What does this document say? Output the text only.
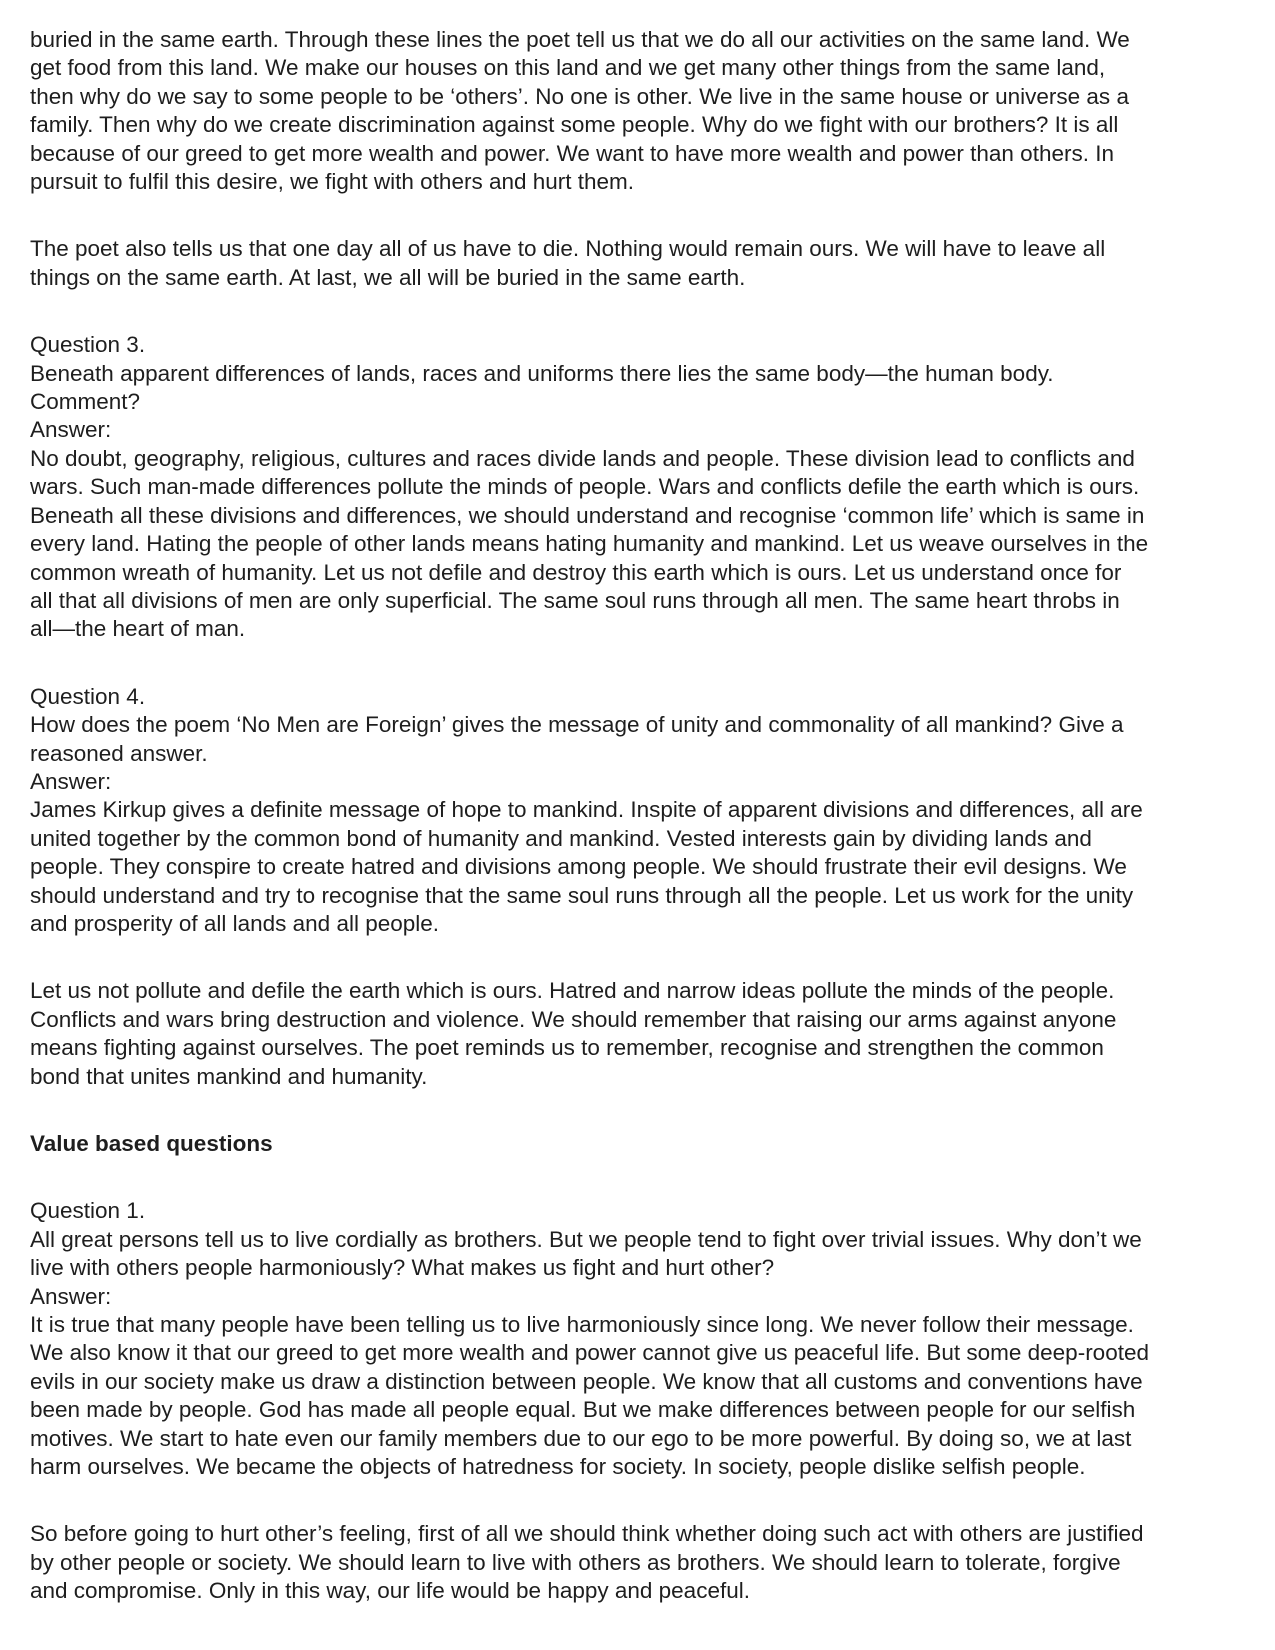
buried in the same earth. Through these lines the poet tell us that we do all our activities on the same land. We
get food from this land. We make our houses on this land and we get many other things from the same land,
then why do we say to some people to be ‘others’. No one is other. We live in the same house or universe as a
family. Then why do we create discrimination against some people. Why do we fight with our brothers? It is all
because of our greed to get more wealth and power. We want to have more wealth and power than others. In
pursuit to fulfil this desire, we fight with others and hurt them.
The poet also tells us that one day all of us have to die. Nothing would remain ours. We will have to leave all
things on the same earth. At last, we all will be buried in the same earth.
Question 3.
Beneath apparent differences of lands, races and uniforms there lies the same body—the human body.
Comment?
Answer:
No doubt, geography, religious, cultures and races divide lands and people. These division lead to conflicts and
wars. Such man-made differences pollute the minds of people. Wars and conflicts defile the earth which is ours.
Beneath all these divisions and differences, we should understand and recognise ‘common life’ which is same in
every land. Hating the people of other lands means hating humanity and mankind. Let us weave ourselves in the
common wreath of humanity. Let us not defile and destroy this earth which is ours. Let us understand once for
all that all divisions of men are only superficial. The same soul runs through all men. The same heart throbs in
all—the heart of man.
Question 4.
How does the poem ‘No Men are Foreign’ gives the message of unity and commonality of all mankind? Give a
reasoned answer.
Answer:
James Kirkup gives a definite message of hope to mankind. Inspite of apparent divisions and differences, all are
united together by the common bond of humanity and mankind. Vested interests gain by dividing lands and
people. They conspire to create hatred and divisions among people. We should frustrate their evil designs. We
should understand and try to recognise that the same soul runs through all the people. Let us work for the unity
and prosperity of all lands and all people.
Let us not pollute and defile the earth which is ours. Hatred and narrow ideas pollute the minds of the people.
Conflicts and wars bring destruction and violence. We should remember that raising our arms against anyone
means fighting against ourselves. The poet reminds us to remember, recognise and strengthen the common
bond that unites mankind and humanity.
Value based questions
Question 1.
All great persons tell us to live cordially as brothers. But we people tend to fight over trivial issues. Why don’t we
live with others people harmoniously? What makes us fight and hurt other?
Answer:
It is true that many people have been telling us to live harmoniously since long. We never follow their message.
We also know it that our greed to get more wealth and power cannot give us peaceful life. But some deep-rooted
evils in our society make us draw a distinction between people. We know that all customs and conventions have
been made by people. God has made all people equal. But we make differences between people for our selfish
motives. We start to hate even our family members due to our ego to be more powerful. By doing so, we at last
harm ourselves. We became the objects of hatredness for society. In society, people dislike selfish people.
So before going to hurt other’s feeling, first of all we should think whether doing such act with others are justified
by other people or society. We should learn to live with others as brothers. We should learn to tolerate, forgive
and compromise. Only in this way, our life would be happy and peaceful.
